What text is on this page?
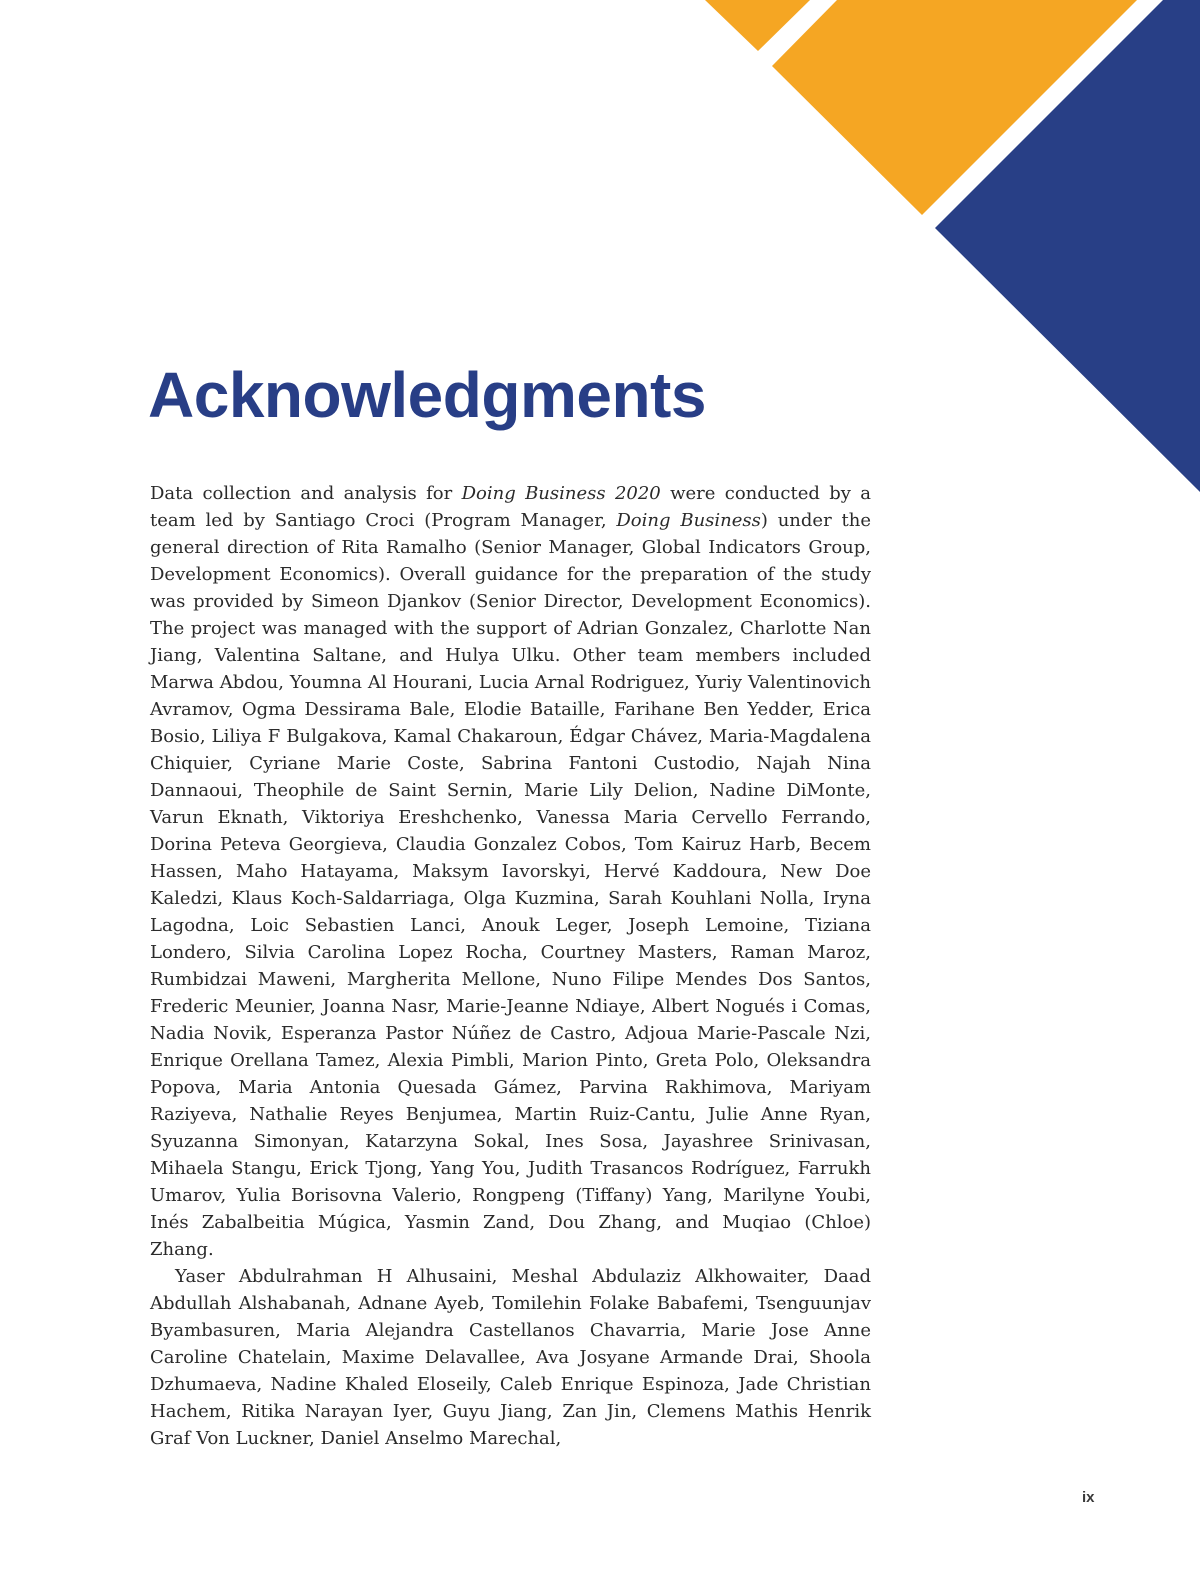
Acknowledgments

Data collection and analysis for Doing Business 2020 were conducted by a team led by Santiago Croci (Program Manager, Doing Business) under the general direction of Rita Ramalho (Senior Manager, Global Indicators Group, Development Economics). Overall guidance for the preparation of the study was provided by Simeon Djankov (Senior Director, Development Economics). The project was managed with the support of Adrian Gonzalez, Charlotte Nan Jiang, Valentina Saltane, and Hulya Ulku. Other team members included Marwa Abdou, Youmna Al Hourani, Lucia Arnal Rodriguez, Yuriy Valentinovich Avramov, Ogma Dessirama Bale, Elodie Bataille, Farihane Ben Yedder, Erica Bosio, Liliya F Bulgakova, Kamal Chakaroun, Édgar Chávez, Maria-Magdalena Chiquier, Cyriane Marie Coste, Sabrina Fantoni Custodio, Najah Nina Dannaoui, Theophile de Saint Sernin, Marie Lily Delion, Nadine DiMonte, Varun Eknath, Viktoriya Ereshchenko, Vanessa Maria Cervello Ferrando, Dorina Peteva Georgieva, Claudia Gonzalez Cobos, Tom Kairuz Harb, Becem Hassen, Maho Hatayama, Maksym Iavorskyi, Hervé Kaddoura, New Doe Kaledzi, Klaus Koch-Saldarriaga, Olga Kuzmina, Sarah Kouhlani Nolla, Iryna Lagodna, Loic Sebastien Lanci, Anouk Leger, Joseph Lemoine, Tiziana Londero, Silvia Carolina Lopez Rocha, Courtney Masters, Raman Maroz, Rumbidzai Maweni, Margherita Mellone, Nuno Filipe Mendes Dos Santos, Frederic Meunier, Joanna Nasr, Marie-Jeanne Ndiaye, Albert Nogués i Comas, Nadia Novik, Esperanza Pastor Núñez de Castro, Adjoua Marie-Pascale Nzi, Enrique Orellana Tamez, Alexia Pimbli, Marion Pinto, Greta Polo, Oleksandra Popova, Maria Antonia Quesada Gámez, Parvina Rakhimova, Mariyam Raziyeva, Nathalie Reyes Benjumea, Martin Ruiz-Cantu, Julie Anne Ryan, Syuzanna Simonyan, Katarzyna Sokal, Ines Sosa, Jayashree Srinivasan, Mihaela Stangu, Erick Tjong, Yang You, Judith Trasancos Rodríguez, Farrukh Umarov, Yulia Borisovna Valerio, Rongpeng (Tiffany) Yang, Marilyne Youbi, Inés Zabalbeitia Múgica, Yasmin Zand, Dou Zhang, and Muqiao (Chloe) Zhang.

Yaser Abdulrahman H Alhusaini, Meshal Abdulaziz Alkhowaiter, Daad Abdullah Alshabanah, Adnane Ayeb, Tomilehin Folake Babafemi, Tsenguunjav Byambasuren, Maria Alejandra Castellanos Chavarria, Marie Jose Anne Caroline Chatelain, Maxime Delavallee, Ava Josyane Armande Drai, Shoola Dzhumaeva, Nadine Khaled Eloseily, Caleb Enrique Espinoza, Jade Christian Hachem, Ritika Narayan Iyer, Guyu Jiang, Zan Jin, Clemens Mathis Henrik Graf Von Luckner, Daniel Anselmo Marechal,

ix
